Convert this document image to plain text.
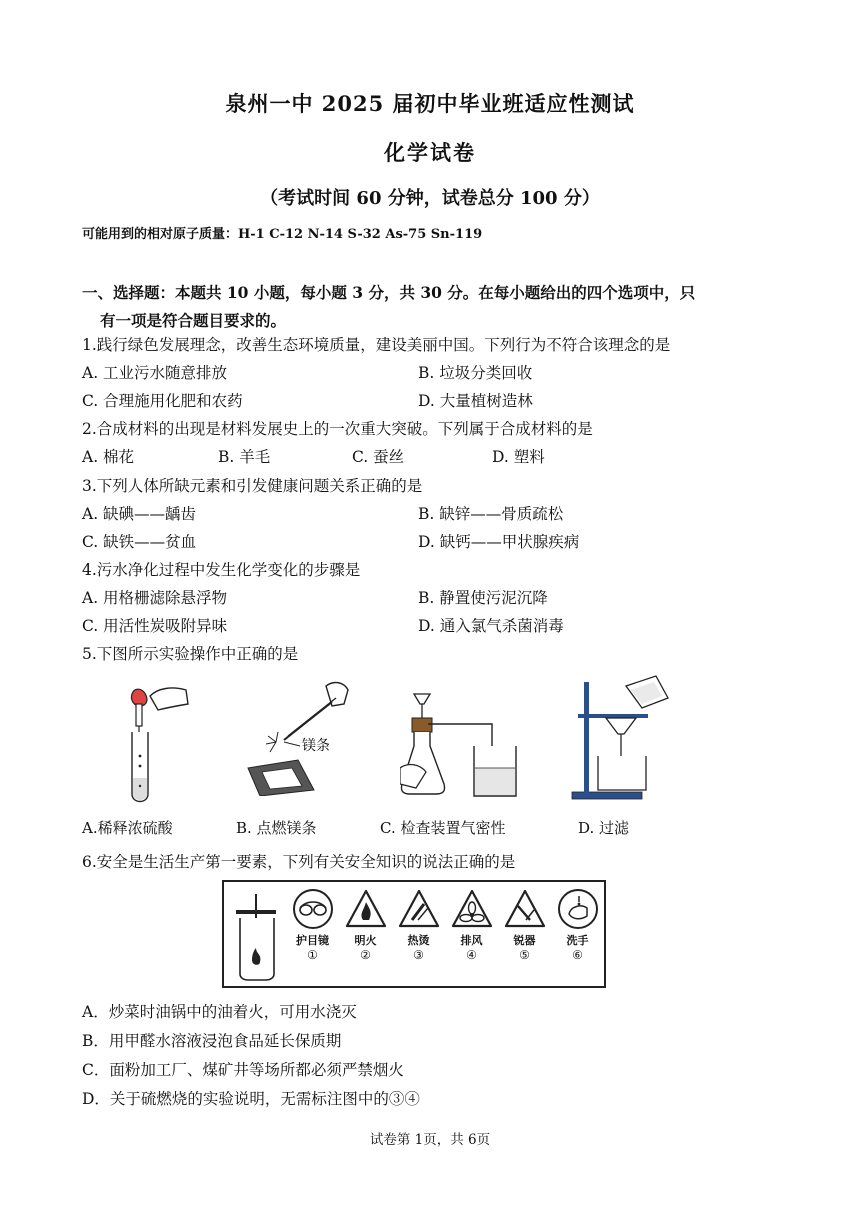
泉州一中 2025 届初中毕业班适应性测试
化学试卷
（考试时间 60 分钟，试卷总分 100 分）
可能用到的相对原子质量：H-1 C-12 N-14 S-32 As-75 Sn-119
一、选择题：本题共 10 小题，每小题 3 分，共 30 分。在每小题给出的四个选项中，只
有一项是符合题目要求的。
1.践行绿色发展理念，改善生态环境质量，建设美丽中国。下列行为不符合该理念的是
A. 工业污水随意排放	B. 垃圾分类回收
C. 合理施用化肥和农药	D. 大量植树造林
2.合成材料的出现是材料发展史上的一次重大突破。下列属于合成材料的是
A. 棉花	B. 羊毛	C. 蚕丝	D. 塑料
3.下列人体所缺元素和引发健康问题关系正确的是
A. 缺碘——龋齿	B. 缺锌——骨质疏松
C. 缺铁——贫血	D. 缺钙——甲状腺疾病
4.污水净化过程中发生化学变化的步骤是
A. 用格栅滤除悬浮物	B. 静置使污泥沉降
C. 用活性炭吸附异味	D. 通入氯气杀菌消毒
5.下图所示实验操作中正确的是
镁条
A.稀释浓硫酸	B. 点燃镁条	C. 检查装置气密性	D. 过滤
6.安全是生活生产第一要素，下列有关安全知识的说法正确的是
护目镜
①
明火
②
热烫
③
排风
④
锐器
⑤
洗手
⑥
A．炒菜时油锅中的油着火，可用水浇灭
B．用甲醛水溶液浸泡食品延长保质期
C．面粉加工厂、煤矿井等场所都必须严禁烟火
D．关于硫燃烧的实验说明，无需标注图中的③④
试卷第 1页，共 6页
